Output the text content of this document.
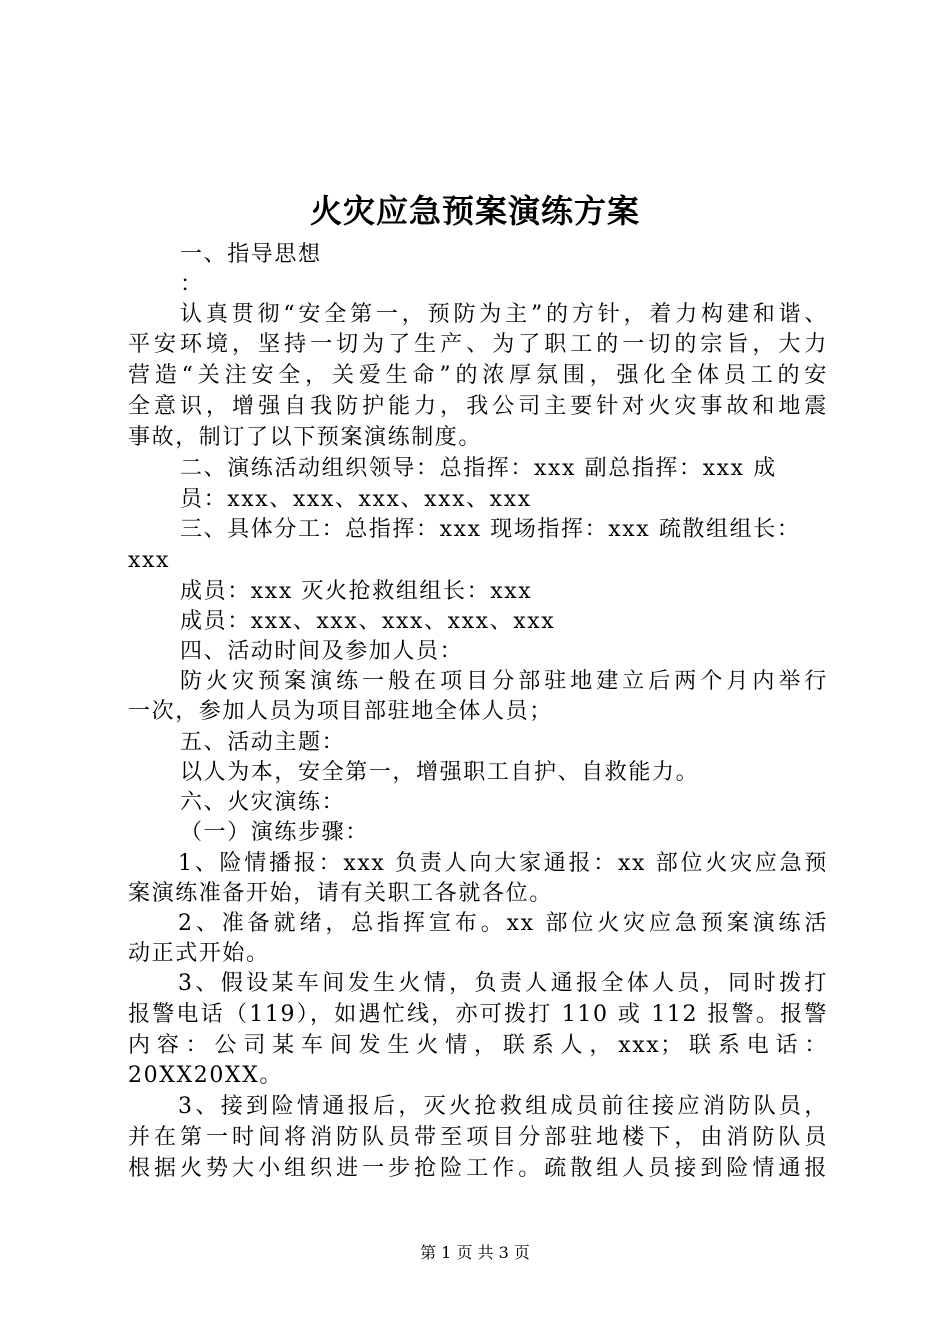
火灾应急预案演练方案

一、指导思想

：

认真贯彻“安全第一，预防为主”的方针，着力构建和谐、

平安环境，坚持一切为了生产、为了职工的一切的宗旨，大力

营造“关注安全，关爱生命”的浓厚氛围，强化全体员工的安

全意识，增强自我防护能力，我公司主要针对火灾事故和地震

事故，制订了以下预案演练制度。

二、演练活动组织领导：总指挥：xxx 副总指挥：xxx 成

员：xxx、xxx、xxx、xxx、xxx

三、具体分工：总指挥：xxx 现场指挥：xxx 疏散组组长：

xxx

成员：xxx 灭火抢救组组长：xxx

成员：xxx、xxx、xxx、xxx、xxx

四、活动时间及参加人员：

防火灾预案演练一般在项目分部驻地建立后两个月内举行

一次，参加人员为项目部驻地全体人员；

五、活动主题：

以人为本，安全第一，增强职工自护、自救能力。

六、火灾演练：

（一）演练步骤：

1、险情播报：xxx 负责人向大家通报：xx 部位火灾应急预

案演练准备开始，请有关职工各就各位。

2、准备就绪，总指挥宣布。xx 部位火灾应急预案演练活

动正式开始。

3、假设某车间发生火情，负责人通报全体人员，同时拨打

报警电话（119），如遇忙线，亦可拨打 110 或 112 报警。报警

内容：公司某车间发生火情，联系人，xxx；联系电话：

20XX20XX。

3、接到险情通报后，灭火抢救组成员前往接应消防队员，

并在第一时间将消防队员带至项目分部驻地楼下，由消防队员

根据火势大小组织进一步抢险工作。疏散组人员接到险情通报

第 1 页 共 3 页
